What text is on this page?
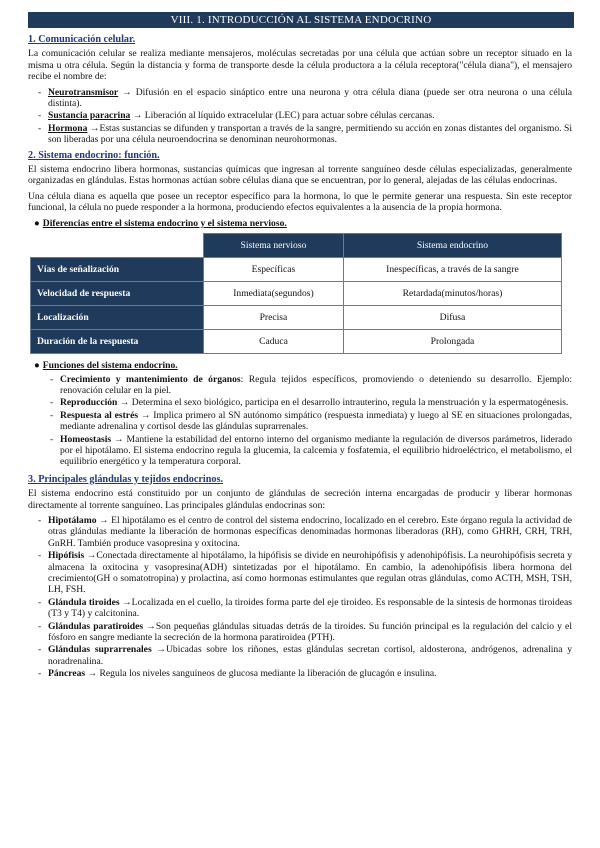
VIII. 1. INTRODUCCIÓN AL SISTEMA ENDOCRINO
1. Comunicación celular.

La comunicación celular se realiza mediante mensajeros, moléculas secretadas por una célula que actúan sobre un receptor situado en la misma u otra célula. Según la distancia y forma de transporte desde la célula productora a la célula receptora("célula diana"), el mensajero recibe el nombre de:

- Neurotransmisor → Difusión en el espacio sináptico entre una neurona y otra célula diana (puede ser otra neurona o una célula distinta).
- Sustancia paracrina → Liberación al líquido extracelular (LEC) para actuar sobre células cercanas.
- Hormona →Estas sustancias se difunden y transportan a través de la sangre, permitiendo su acción en zonas distantes del organismo. Si son liberadas por una célula neuroendocrina se denominan neurohormonas.
2. Sistema endocrino: función.

El sistema endocrino libera hormonas, sustancias químicas que ingresan al torrente sanguíneo desde células especializadas, generalmente organizadas en glándulas. Estas hormonas actúan sobre células diana que se encuentran, por lo general, alejadas de las células endocrinas.

Una célula diana es aquella que posee un receptor específico para la hormona, lo que le permite generar una respuesta. Sin este receptor funcional, la célula no puede responder a la hormona, produciendo efectos equivalentes a la ausencia de la propia hormona.

● Diferencias entre el sistema endocrino y el sistema nervioso.
	Sistema nervioso	Sistema endocrino
Vías de señalización	Específicas	Inespecíficas, a través de la sangre
Velocidad de respuesta	Inmediata(segundos)	Retardada(minutos/horas)
Localización	Precisa	Difusa
Duración de la respuesta	Caduca	Prolongada
● Funciones del sistema endocrino.
- Crecimiento y mantenimiento de órganos: Regula tejidos específicos, promoviendo o deteniendo su desarrollo. Ejemplo: renovación celular en la piel.
- Reproducción → Determina el sexo biológico, participa en el desarrollo intrauterino, regula la menstruación y la espermatogénesis.
- Respuesta al estrés → Implica primero al SN autónomo simpático (respuesta inmediata) y luego al SE en situaciones prolongadas, mediante adrenalina y cortisol desde las glándulas suprarrenales.
- Homeostasis → Mantiene la estabilidad del entorno interno del organismo mediante la regulación de diversos parámetros, liderado por el hipotálamo. El sistema endocrino regula la glucemia, la calcemia y fosfatemia, el equilibrio hidroeléctrico, el metabolismo, el equilibrio energético y la temperatura corporal.
3. Principales glándulas y tejidos endocrinos.

El sistema endocrino está constituido por un conjunto de glándulas de secreción interna encargadas de producir y liberar hormonas directamente al torrente sanguíneo. Las principales glándulas endocrinas son:

- Hipotálamo → El hipotálamo es el centro de control del sistema endocrino, localizado en el cerebro. Este órgano regula la actividad de otras glándulas mediante la liberación de hormonas específicas denominadas hormonas liberadoras (RH), como GHRH, CRH, TRH, GnRH. También produce vasopresina y oxitocina.
- Hipófisis →Conectada directamente al hipotálamo, la hipófisis se divide en neurohipófisis y adenohipófisis. La neurohipófisis secreta y almacena la oxitocina y vasopresina(ADH) sintetizadas por el hipotálamo. En cambio, la adenohipófisis libera hormona del crecimiento(GH o somatotropina) y prolactina, así como hormonas estimulantes que regulan otras glándulas, como ACTH, MSH, TSH, LH, FSH.
- Glándula tiroides →Localizada en el cuello, la tiroides forma parte del eje tiroideo. Es responsable de la síntesis de hormonas tiroideas (T3 y T4) y calcitonina.
- Glándulas paratiroides →Son pequeñas glándulas situadas detrás de la tiroides. Su función principal es la regulación del calcio y el fósforo en sangre mediante la secreción de la hormona paratiroidea (PTH).
- Glándulas suprarrenales →Ubicadas sobre los riñones, estas glándulas secretan cortisol, aldosterona, andrógenos, adrenalina y noradrenalina.
- Páncreas → Regula los niveles sanguíneos de glucosa mediante la liberación de glucagón e insulina.
